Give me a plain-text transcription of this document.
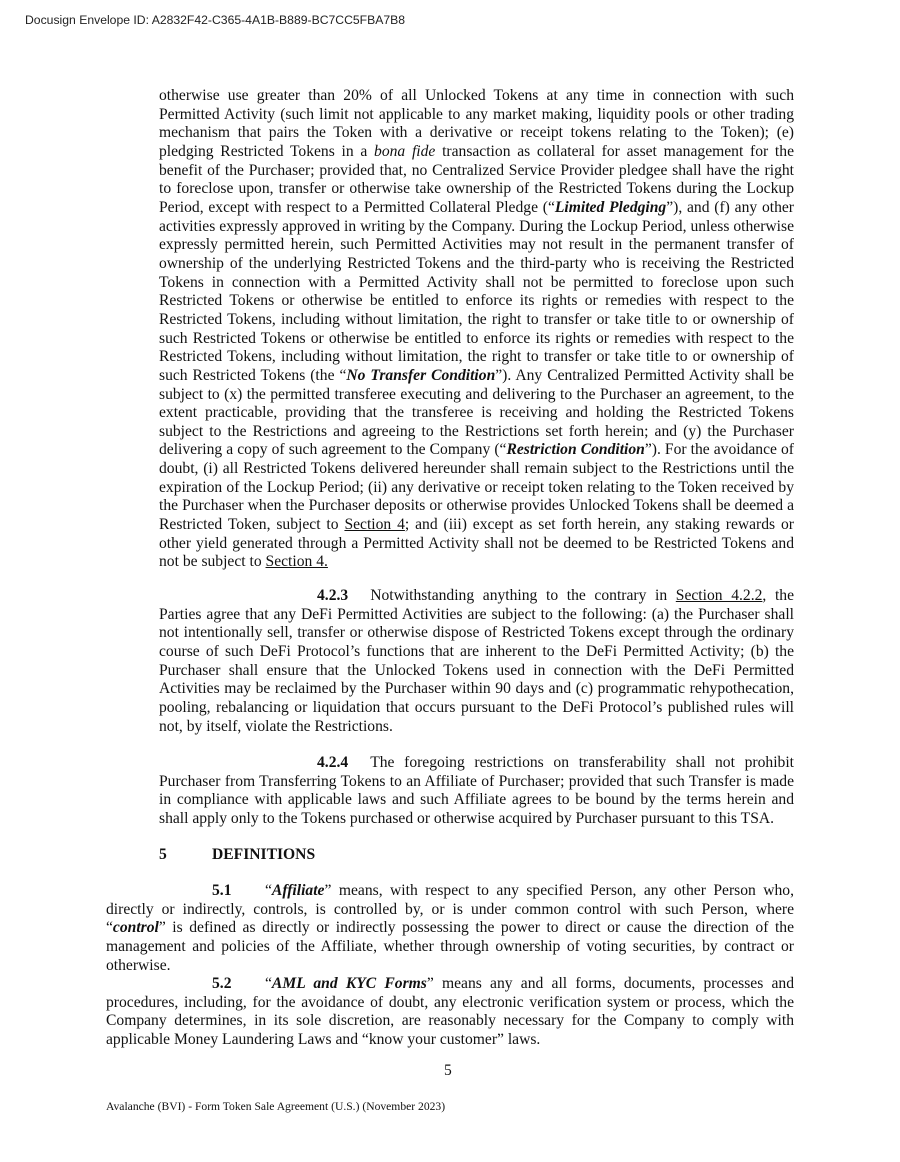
Docusign Envelope ID: A2832F42-C365-4A1B-B889-BC7CC5FBA7B8

otherwise use greater than 20% of all Unlocked Tokens at any time in connection with such Permitted Activity (such limit not applicable to any market making, liquidity pools or other trading mechanism that pairs the Token with a derivative or receipt tokens relating to the Token); (e) pledging Restricted Tokens in a bona fide transaction as collateral for asset management for the benefit of the Purchaser; provided that, no Centralized Service Provider pledgee shall have the right to foreclose upon, transfer or otherwise take ownership of the Restricted Tokens during the Lockup Period, except with respect to a Permitted Collateral Pledge (“Limited Pledging”), and (f) any other activities expressly approved in writing by the Company. During the Lockup Period, unless otherwise expressly permitted herein, such Permitted Activities may not result in the permanent transfer of ownership of the underlying Restricted Tokens and the third-party who is receiving the Restricted Tokens in connection with a Permitted Activity shall not be permitted to foreclose upon such Restricted Tokens or otherwise be entitled to enforce its rights or remedies with respect to the Restricted Tokens, including without limitation, the right to transfer or take title to or ownership of such Restricted Tokens or otherwise be entitled to enforce its rights or remedies with respect to the Restricted Tokens, including without limitation, the right to transfer or take title to or ownership of such Restricted Tokens (the “No Transfer Condition”). Any Centralized Permitted Activity shall be subject to (x) the permitted transferee executing and delivering to the Purchaser an agreement, to the extent practicable, providing that the transferee is receiving and holding the Restricted Tokens subject to the Restrictions and agreeing to the Restrictions set forth herein; and (y) the Purchaser delivering a copy of such agreement to the Company (“Restriction Condition”). For the avoidance of doubt, (i) all Restricted Tokens delivered hereunder shall remain subject to the Restrictions until the expiration of the Lockup Period; (ii) any derivative or receipt token relating to the Token received by the Purchaser when the Purchaser deposits or otherwise provides Unlocked Tokens shall be deemed a Restricted Token, subject to Section 4; and (iii) except as set forth herein, any staking rewards or other yield generated through a Permitted Activity shall not be deemed to be Restricted Tokens and not be subject to Section 4.

4.2.3 Notwithstanding anything to the contrary in Section 4.2.2, the Parties agree that any DeFi Permitted Activities are subject to the following: (a) the Purchaser shall not intentionally sell, transfer or otherwise dispose of Restricted Tokens except through the ordinary course of such DeFi Protocol’s functions that are inherent to the DeFi Permitted Activity; (b) the Purchaser shall ensure that the Unlocked Tokens used in connection with the DeFi Permitted Activities may be reclaimed by the Purchaser within 90 days and (c) programmatic rehypothecation, pooling, rebalancing or liquidation that occurs pursuant to the DeFi Protocol’s published rules will not, by itself, violate the Restrictions.

4.2.4 The foregoing restrictions on transferability shall not prohibit Purchaser from Transferring Tokens to an Affiliate of Purchaser; provided that such Transfer is made in compliance with applicable laws and such Affiliate agrees to be bound by the terms herein and shall apply only to the Tokens purchased or otherwise acquired by Purchaser pursuant to this TSA.

5	DEFINITIONS

5.1 “Affiliate” means, with respect to any specified Person, any other Person who, directly or indirectly, controls, is controlled by, or is under common control with such Person, where “control” is defined as directly or indirectly possessing the power to direct or cause the direction of the management and policies of the Affiliate, whether through ownership of voting securities, by contract or otherwise.

5.2 “AML and KYC Forms” means any and all forms, documents, processes and procedures, including, for the avoidance of doubt, any electronic verification system or process, which the Company determines, in its sole discretion, are reasonably necessary for the Company to comply with applicable Money Laundering Laws and “know your customer” laws.

5
Avalanche (BVI) - Form Token Sale Agreement (U.S.) (November 2023)
